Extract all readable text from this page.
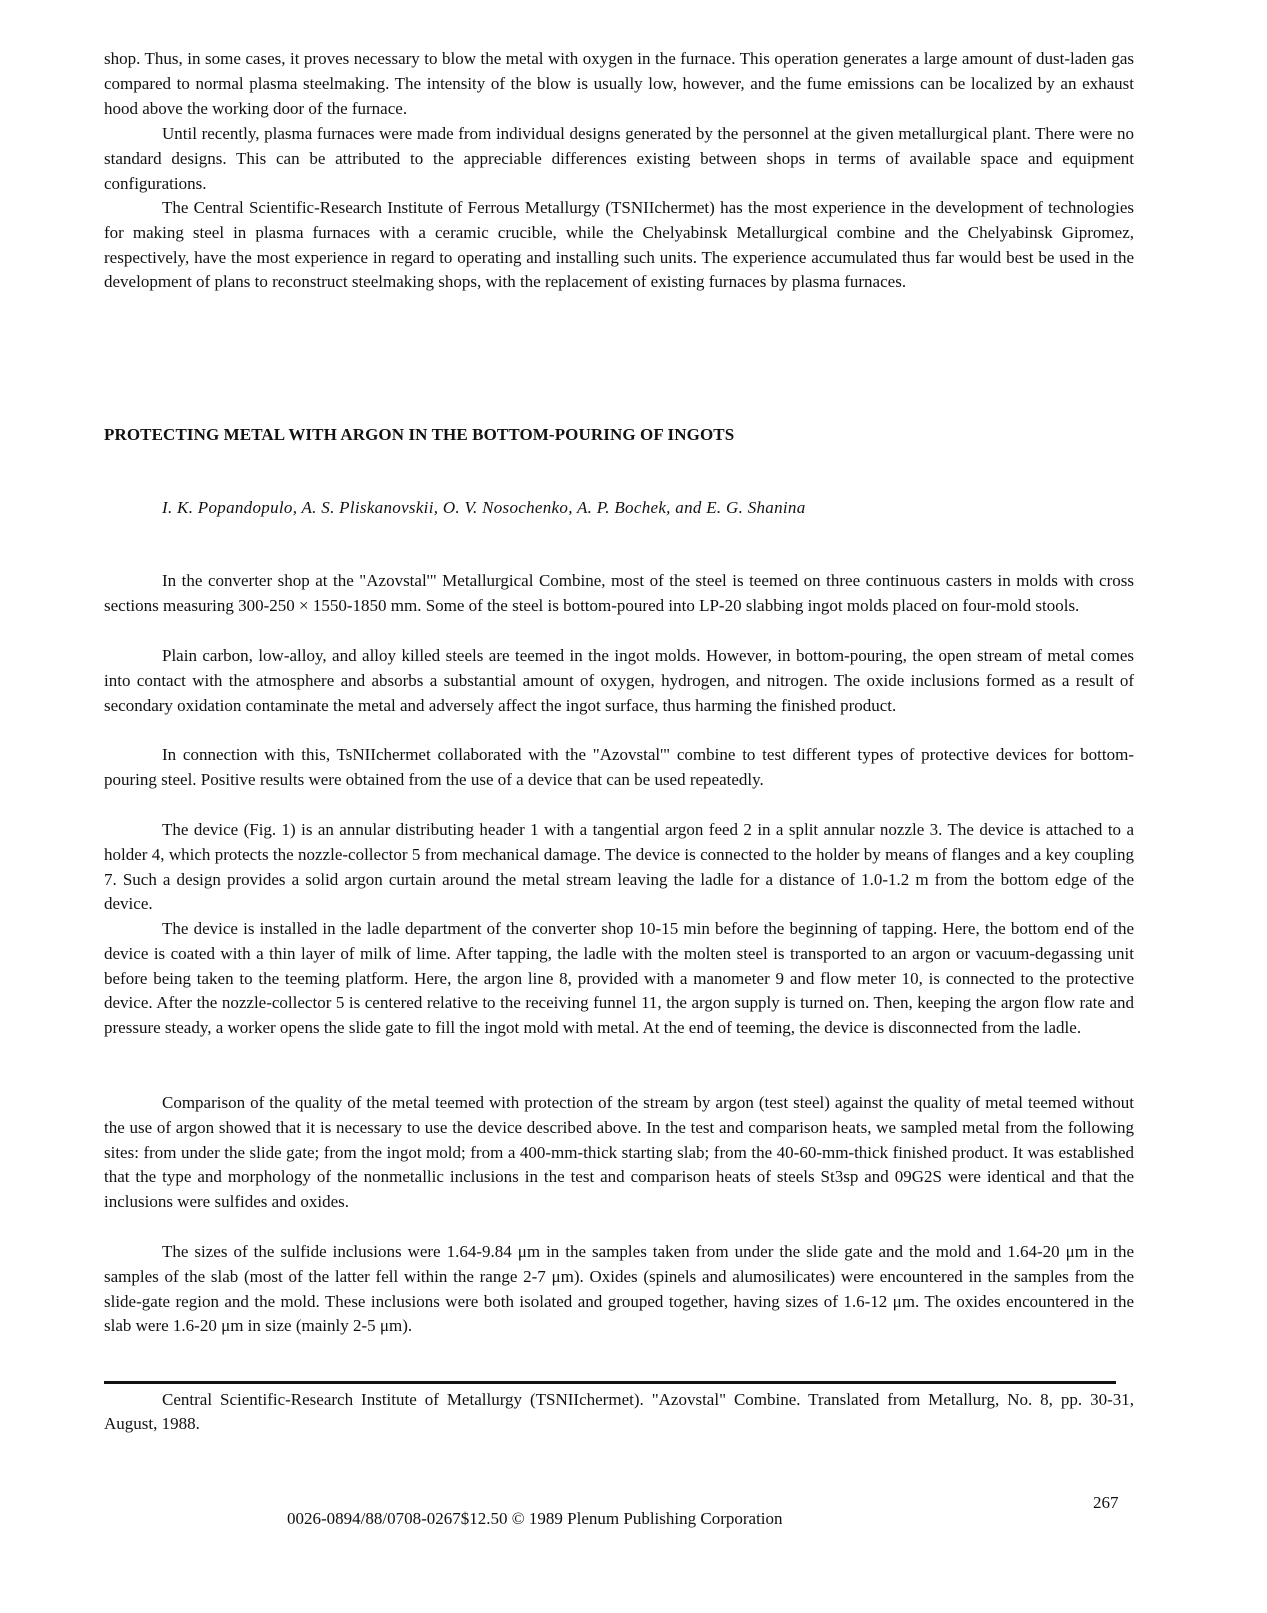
shop. Thus, in some cases, it proves necessary to blow the metal with oxygen in the furnace. This operation generates a large amount of dust-laden gas compared to normal plasma steelmaking. The intensity of the blow is usually low, however, and the fume emissions can be localized by an exhaust hood above the working door of the furnace.

Until recently, plasma furnaces were made from individual designs generated by the personnel at the given metallurgical plant. There were no standard designs. This can be attributed to the appreciable differences existing between shops in terms of available space and equipment configurations.

The Central Scientific-Research Institute of Ferrous Metallurgy (TSNIIchermet) has the most experience in the development of technologies for making steel in plasma furnaces with a ceramic crucible, while the Chelyabinsk Metallurgical combine and the Chelyabinsk Gipromez, respectively, have the most experience in regard to operating and installing such units. The experience accumulated thus far would best be used in the development of plans to reconstruct steelmaking shops, with the replacement of existing furnaces by plasma furnaces.

PROTECTING METAL WITH ARGON IN THE BOTTOM-POURING OF INGOTS

I. K. Popandopulo, A. S. Pliskanovskii, O. V. Nosochenko, A. P. Bochek, and E. G. Shanina

In the converter shop at the "Azovstal'" Metallurgical Combine, most of the steel is teemed on three continuous casters in molds with cross sections measuring 300-250 × 1550-1850 mm. Some of the steel is bottom-poured into LP-20 slabbing ingot molds placed on four-mold stools.

Plain carbon, low-alloy, and alloy killed steels are teemed in the ingot molds. However, in bottom-pouring, the open stream of metal comes into contact with the atmosphere and absorbs a substantial amount of oxygen, hydrogen, and nitrogen. The oxide inclusions formed as a result of secondary oxidation contaminate the metal and adversely affect the ingot surface, thus harming the finished product.

In connection with this, TsNIIchermet collaborated with the "Azovstal'" combine to test different types of protective devices for bottom-pouring steel. Positive results were obtained from the use of a device that can be used repeatedly.

The device (Fig. 1) is an annular distributing header 1 with a tangential argon feed 2 in a split annular nozzle 3. The device is attached to a holder 4, which protects the nozzle-collector 5 from mechanical damage. The device is connected to the holder by means of flanges and a key coupling 7. Such a design provides a solid argon curtain around the metal stream leaving the ladle for a distance of 1.0-1.2 m from the bottom edge of the device.

The device is installed in the ladle department of the converter shop 10-15 min before the beginning of tapping. Here, the bottom end of the device is coated with a thin layer of milk of lime. After tapping, the ladle with the molten steel is transported to an argon or vacuum-degassing unit before being taken to the teeming platform. Here, the argon line 8, provided with a manometer 9 and flow meter 10, is connected to the protective device. After the nozzle-collector 5 is centered relative to the receiving funnel 11, the argon supply is turned on. Then, keeping the argon flow rate and pressure steady, a worker opens the slide gate to fill the ingot mold with metal. At the end of teeming, the device is disconnected from the ladle.

Comparison of the quality of the metal teemed with protection of the stream by argon (test steel) against the quality of metal teemed without the use of argon showed that it is necessary to use the device described above. In the test and comparison heats, we sampled metal from the following sites: from under the slide gate; from the ingot mold; from a 400-mm-thick starting slab; from the 40-60-mm-thick finished product. It was established that the type and morphology of the nonmetallic inclusions in the test and comparison heats of steels St3sp and 09G2S were identical and that the inclusions were sulfides and oxides.

The sizes of the sulfide inclusions were 1.64-9.84 μm in the samples taken from under the slide gate and the mold and 1.64-20 μm in the samples of the slab (most of the latter fell within the range 2-7 μm). Oxides (spinels and alumosilicates) were encountered in the samples from the slide-gate region and the mold. These inclusions were both isolated and grouped together, having sizes of 1.6-12 μm. The oxides encountered in the slab were 1.6-20 μm in size (mainly 2-5 μm).

Central Scientific-Research Institute of Metallurgy (TSNIIchermet). "Azovstal" Combine. Translated from Metallurg, No. 8, pp. 30-31, August, 1988.

0026-0894/88/0708-0267$12.50 © 1989 Plenum Publishing Corporation

267
